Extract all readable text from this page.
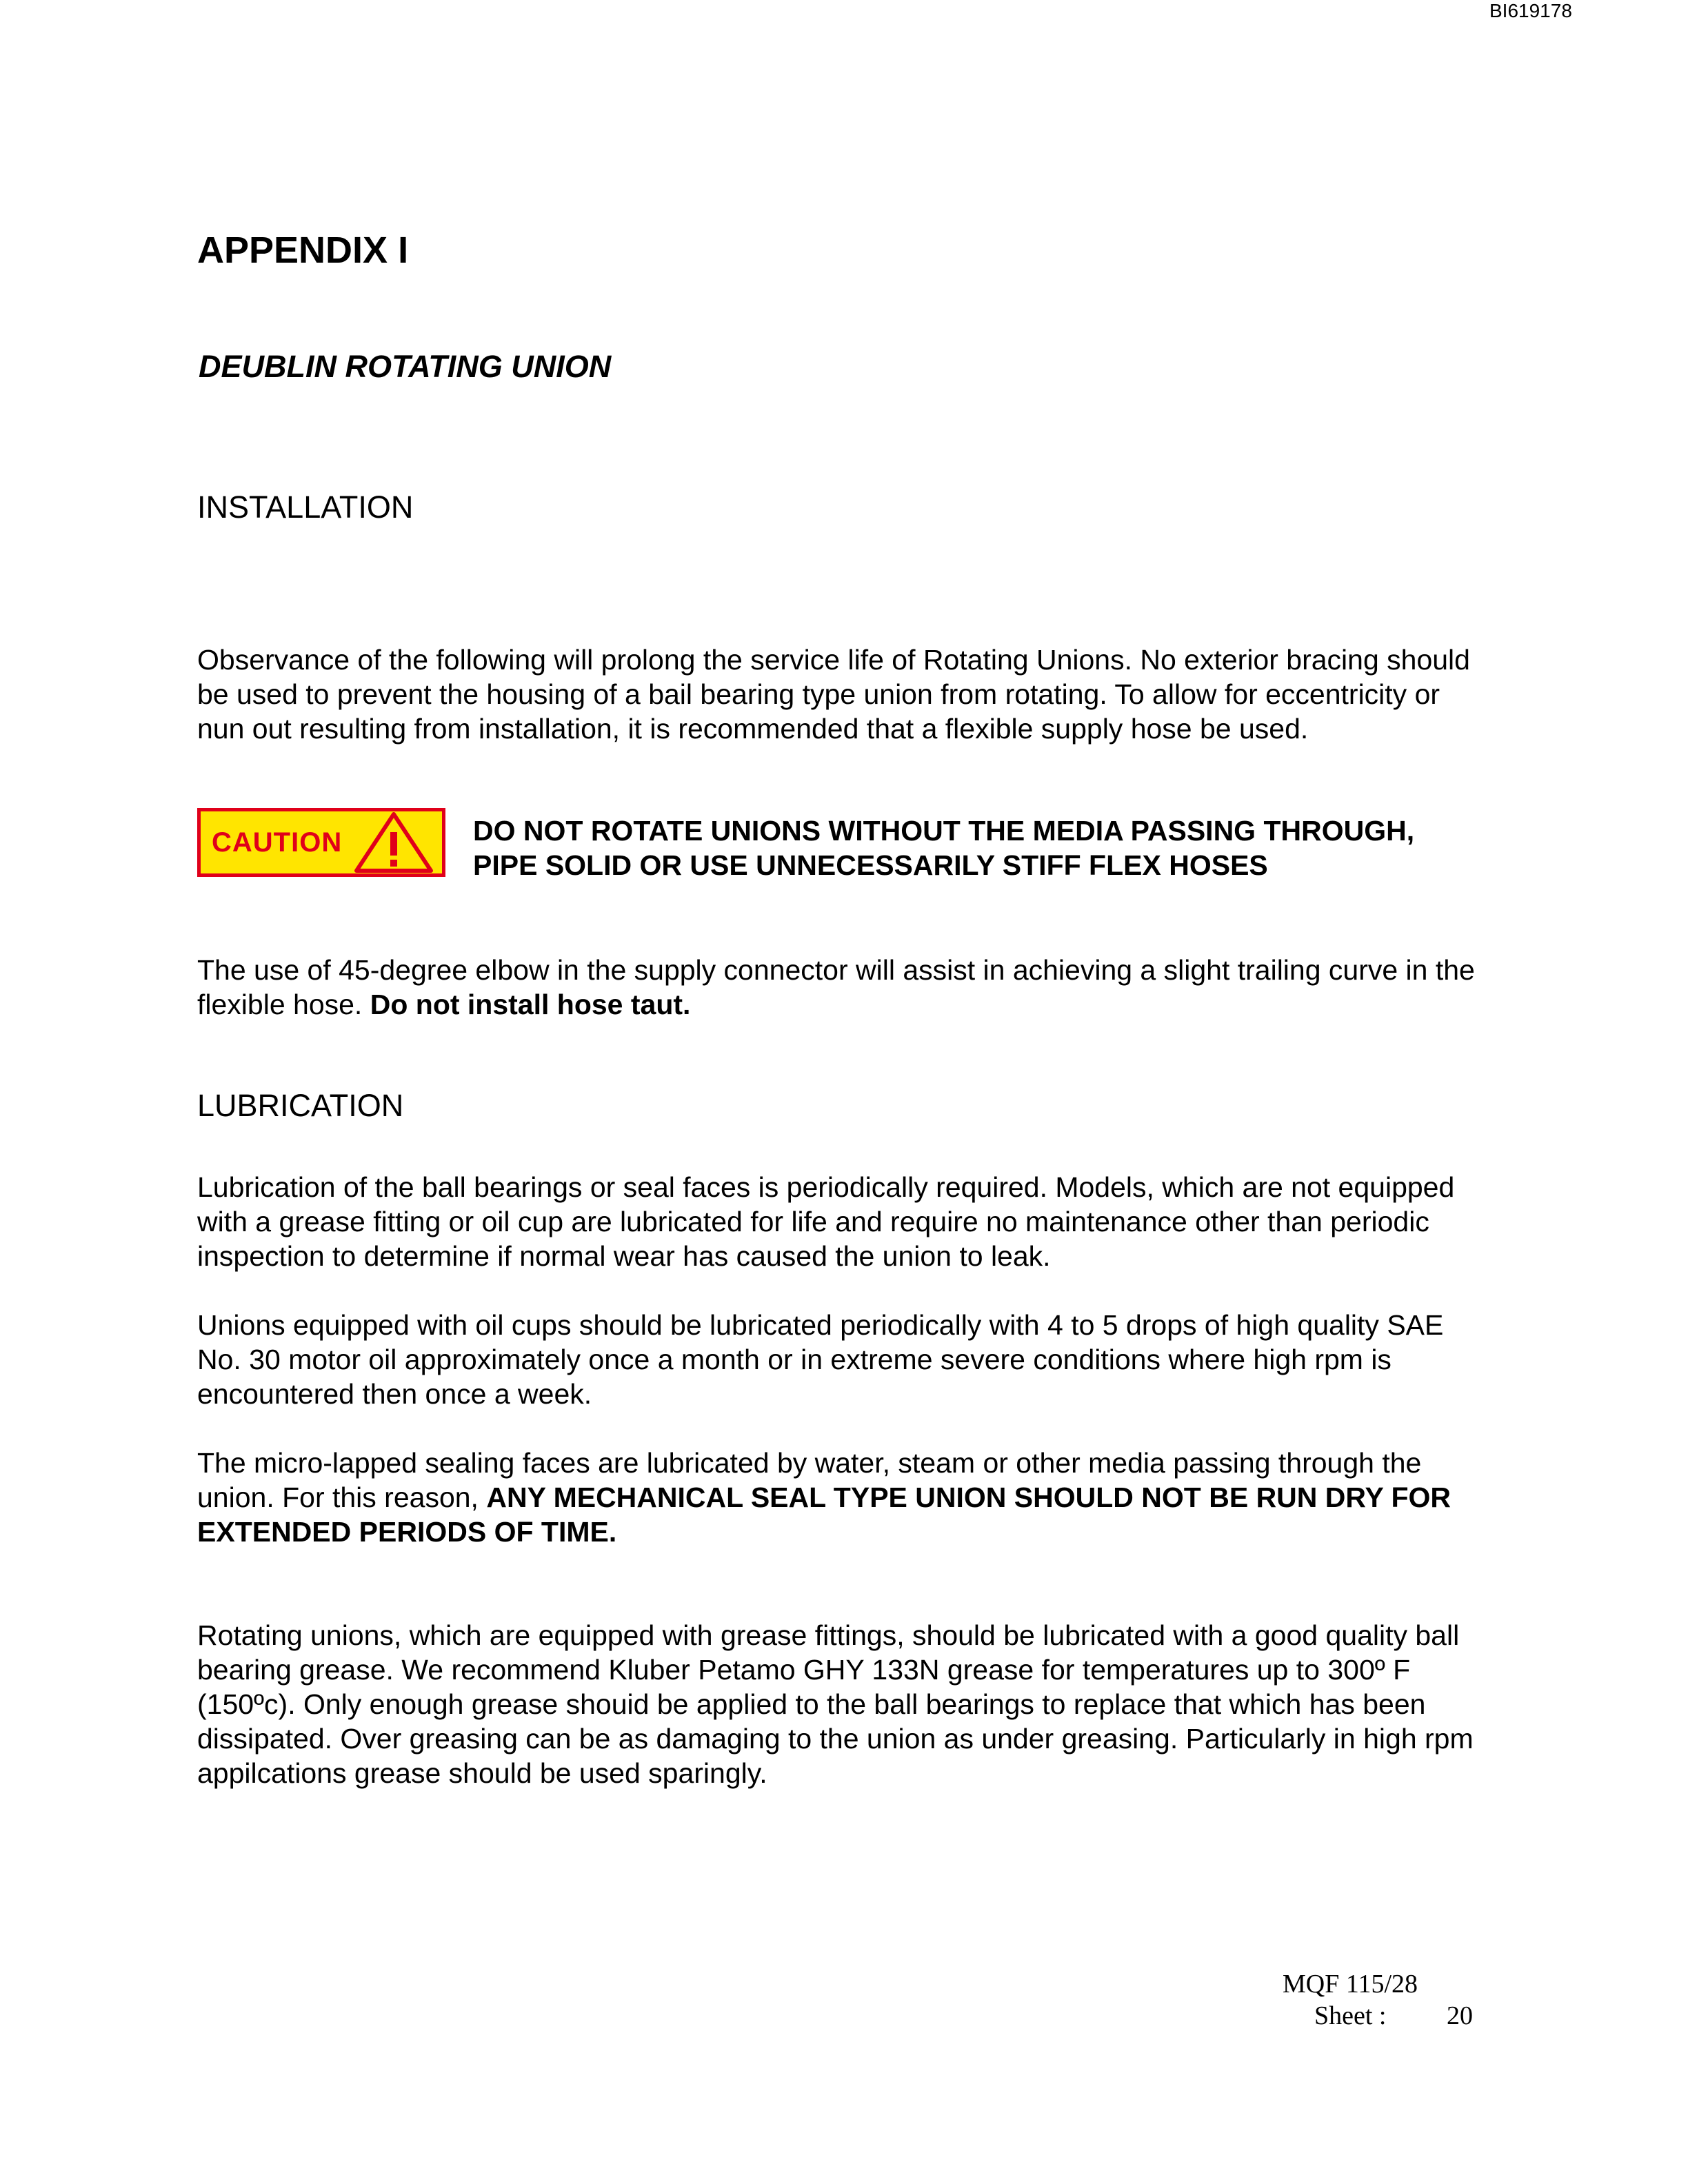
BI619178
APPENDIX I
DEUBLIN ROTATING UNION
INSTALLATION
Observance of the following will prolong the service life of Rotating Unions. No exterior bracing should be used to prevent the housing of a bail bearing type union from rotating. To allow for eccentricity or nun out resulting from installation, it is recommended that a flexible supply hose be used.
CAUTION	DO NOT ROTATE UNIONS WITHOUT THE MEDIA PASSING THROUGH, PIPE SOLID OR USE UNNECESSARILY STIFF FLEX HOSES
The use of 45-degree elbow in the supply connector will assist in achieving a slight trailing curve in the flexible hose. Do not install hose taut.
LUBRICATION
Lubrication of the ball bearings or seal faces is periodically required. Models, which are not equipped with a grease fitting or oil cup are lubricated for life and require no maintenance other than periodic inspection to determine if normal wear has caused the union to leak.
Unions equipped with oil cups should be lubricated periodically with 4 to 5 drops of high quality SAE No. 30 motor oil approximately once a month or in extreme severe conditions where high rpm is encountered then once a week.
The micro-lapped sealing faces are lubricated by water, steam or other media passing through the union. For this reason, ANY MECHANICAL SEAL TYPE UNION SHOULD NOT BE RUN DRY FOR EXTENDED PERIODS OF TIME.
Rotating unions, which are equipped with grease fittings, should be lubricated with a good quality ball bearing grease. We recommend Kluber Petamo GHY 133N grease for temperatures up to 300º F (150ºc). Only enough grease shouid be applied to the ball bearings to replace that which has been dissipated. Over greasing can be as damaging to the union as under greasing. Particularly in high rpm appilcations grease should be used sparingly.
MQF 115/28
Sheet : 20
